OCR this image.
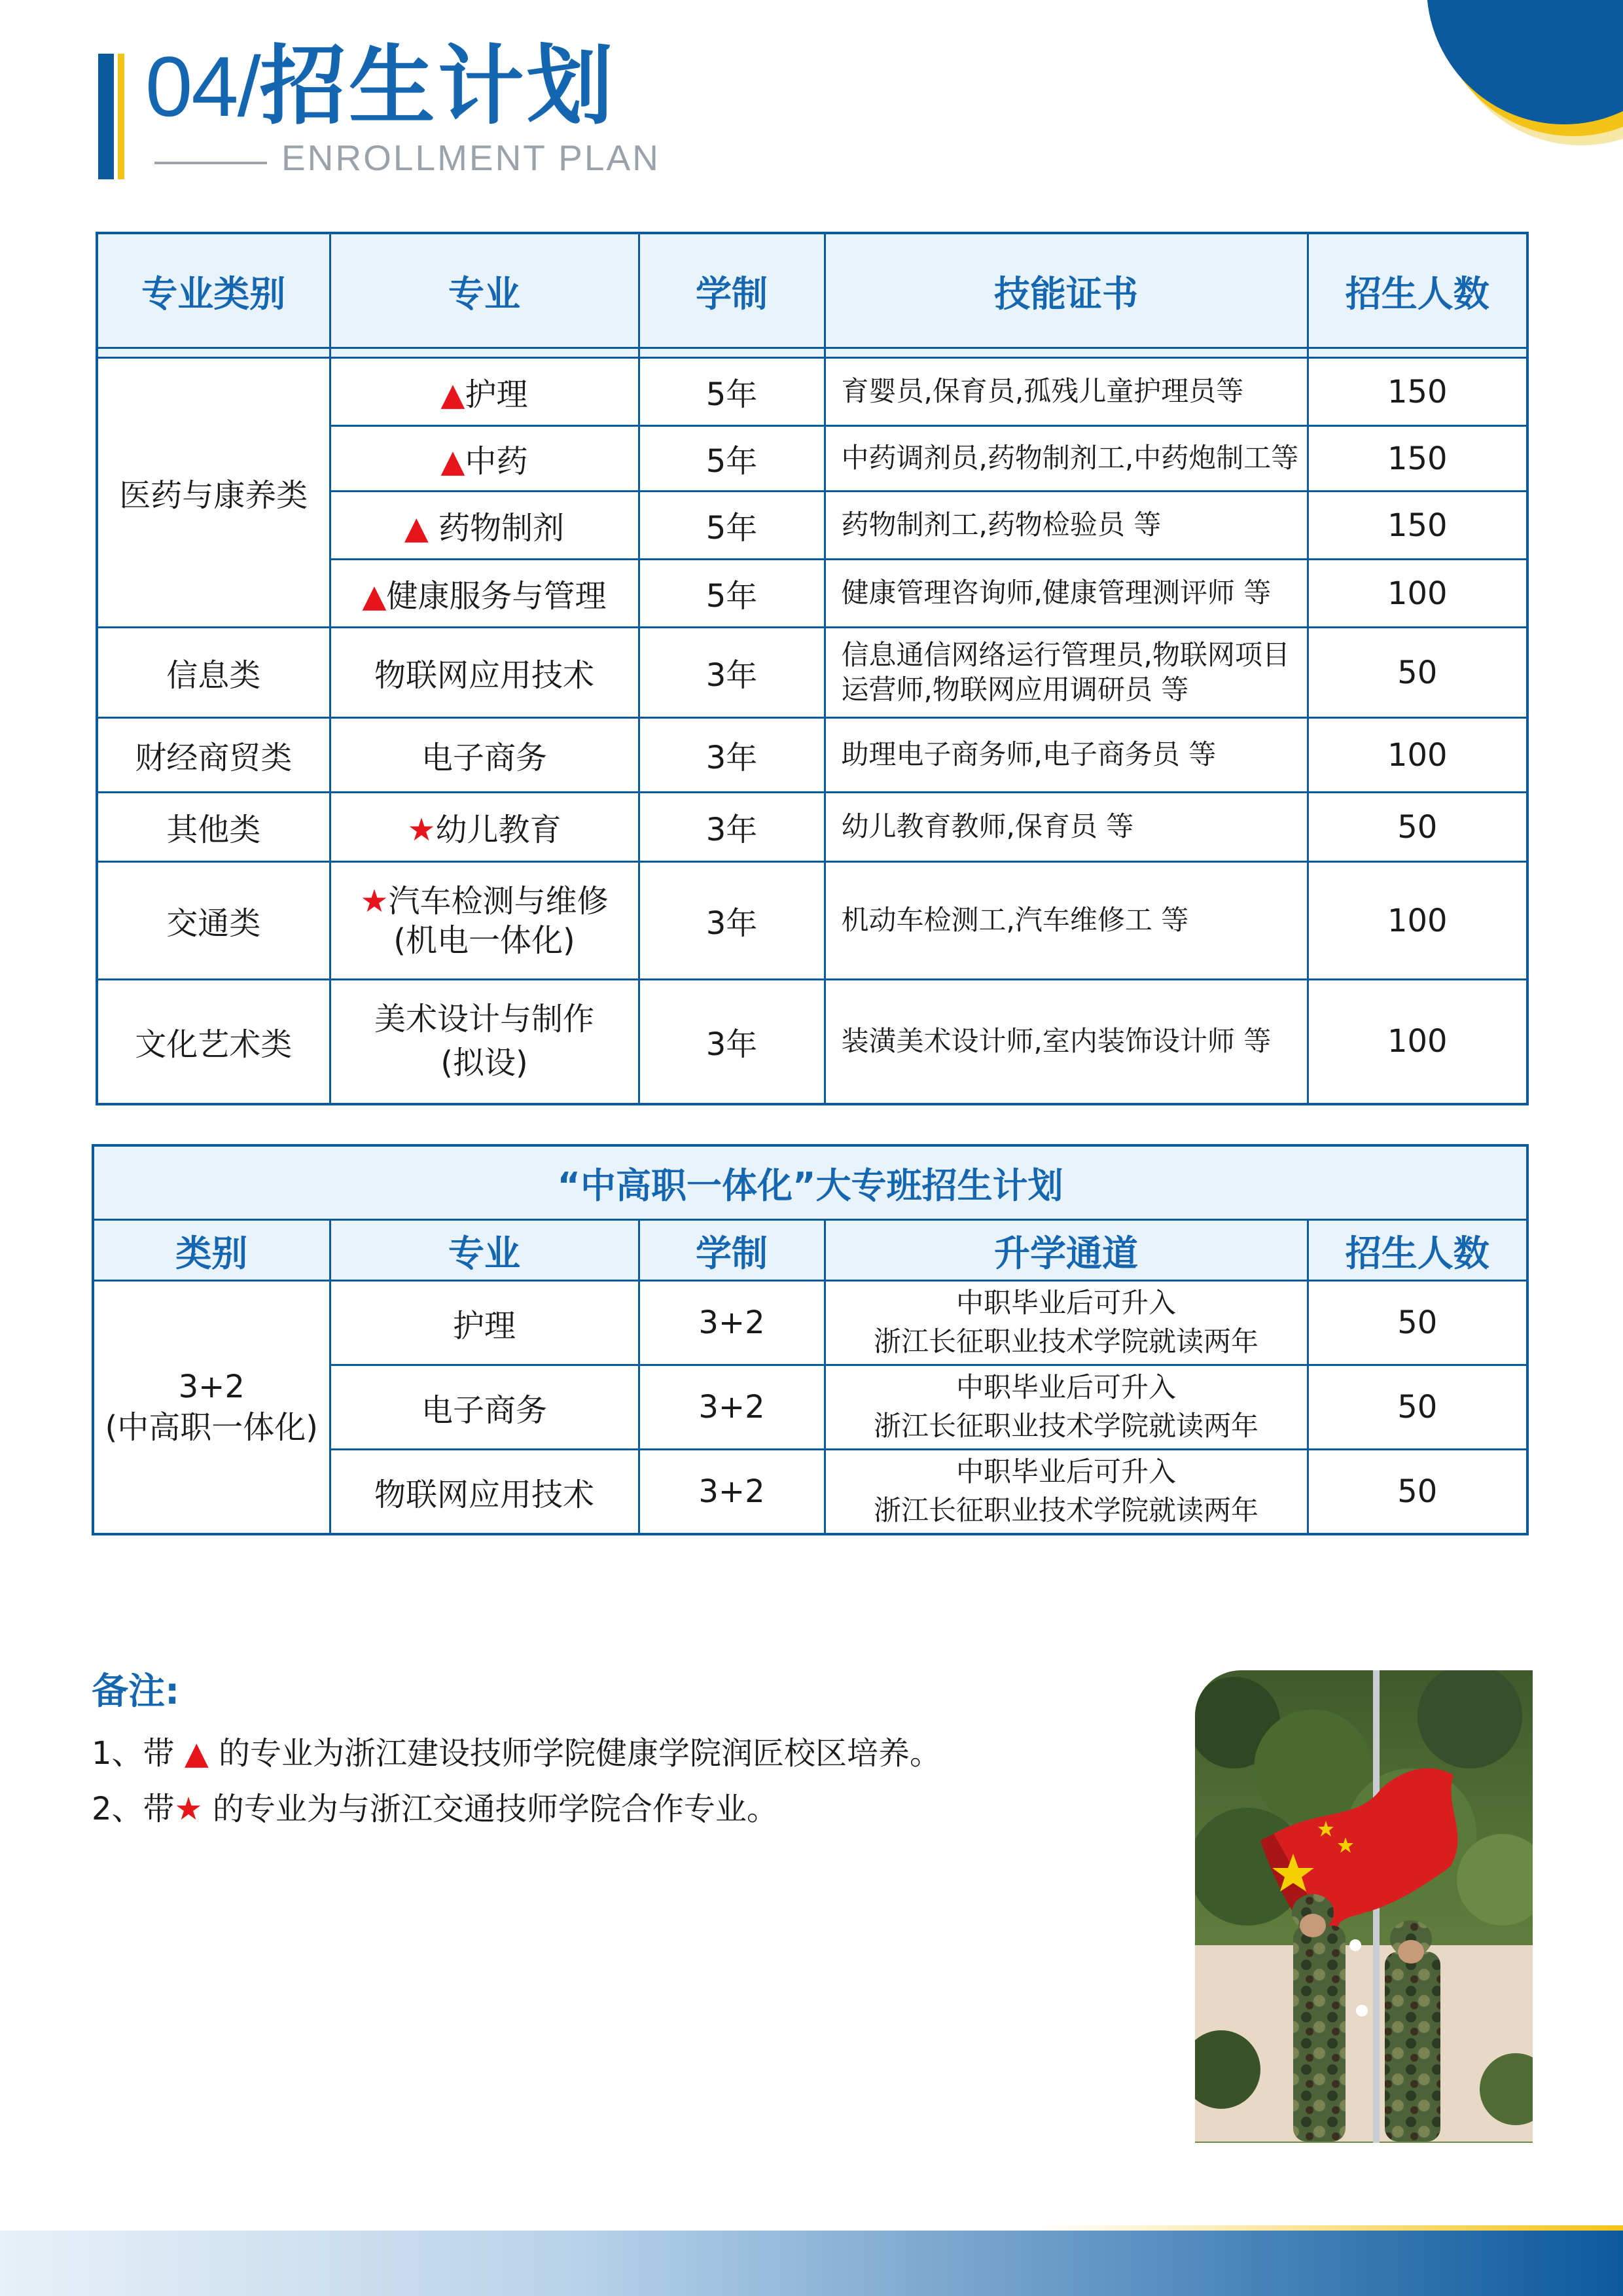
04/招生计划
ENROLLMENT PLAN
专业类别	专业	学制	技能证书	招生人数

医药与康养类	▲护理	5年	育婴员,保育员,孤残儿童护理员等	150
	▲中药	5年	中药调剂员,药物制剂工,中药炮制工等	150
	▲ 药物制剂	5年	药物制剂工,药物检验员 等	150
	▲健康服务与管理	5年	健康管理咨询师,健康管理测评师 等	100
信息类	物联网应用技术	3年	信息通信网络运行管理员,物联网项目
运营师,物联网应用调研员 等	50
财经商贸类	电子商务	3年	助理电子商务师,电子商务员 等	100
其他类	★幼儿教育	3年	幼儿教育教师,保育员 等	50
交通类	★汽车检测与维修
(机电一体化)	3年	机动车检测工,汽车维修工 等	100
文化艺术类	美术设计与制作
(拟设)	3年	装潢美术设计师,室内装饰设计师 等	100
“中高职一体化”大专班招生计划				
类别	专业	学制	升学通道	招生人数
3+2
(中高职一体化)	护理	3+2	中职毕业后可升入
浙江长征职业技术学院就读两年	50
	电子商务	3+2	中职毕业后可升入
浙江长征职业技术学院就读两年	50
	物联网应用技术	3+2	中职毕业后可升入
浙江长征职业技术学院就读两年	50
备注:
1、带 ▲ 的专业为浙江建设技师学院健康学院润匠校区培养。
2、带★ 的专业为与浙江交通技师学院合作专业。
